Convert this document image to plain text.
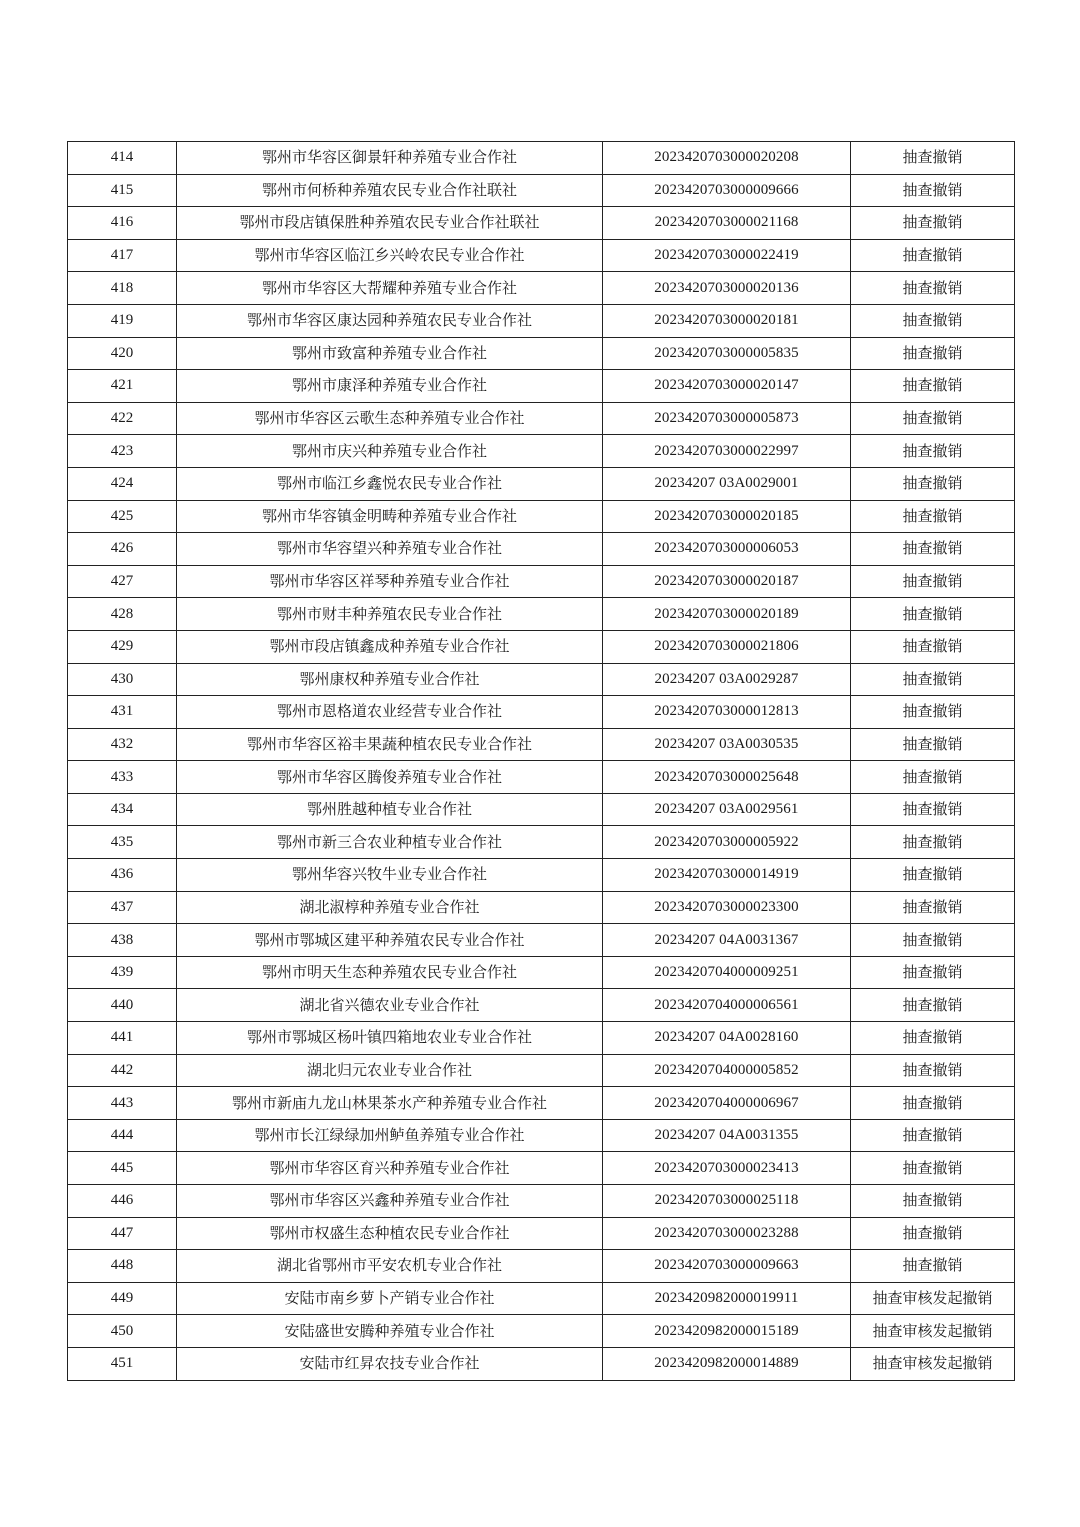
414	鄂州市华容区御景轩种养殖专业合作社	2023420703000020208	抽查撤销
415	鄂州市何桥种养殖农民专业合作社联社	2023420703000009666	抽查撤销
416	鄂州市段店镇保胜种养殖农民专业合作社联社	2023420703000021168	抽查撤销
417	鄂州市华容区临江乡兴岭农民专业合作社	2023420703000022419	抽查撤销
418	鄂州市华容区大帮耀种养殖专业合作社	2023420703000020136	抽查撤销
419	鄂州市华容区康达园种养殖农民专业合作社	2023420703000020181	抽查撤销
420	鄂州市致富种养殖专业合作社	2023420703000005835	抽查撤销
421	鄂州市康泽种养殖专业合作社	2023420703000020147	抽查撤销
422	鄂州市华容区云歌生态种养殖专业合作社	2023420703000005873	抽查撤销
423	鄂州市庆兴种养殖专业合作社	2023420703000022997	抽查撤销
424	鄂州市临江乡鑫悦农民专业合作社	20234207 03A0029001	抽查撤销
425	鄂州市华容镇金明畴种养殖专业合作社	2023420703000020185	抽查撤销
426	鄂州市华容望兴种养殖专业合作社	2023420703000006053	抽查撤销
427	鄂州市华容区祥琴种养殖专业合作社	2023420703000020187	抽查撤销
428	鄂州市财丰种养殖农民专业合作社	2023420703000020189	抽查撤销
429	鄂州市段店镇鑫成种养殖专业合作社	2023420703000021806	抽查撤销
430	鄂州康权种养殖专业合作社	20234207 03A0029287	抽查撤销
431	鄂州市恩格道农业经营专业合作社	2023420703000012813	抽查撤销
432	鄂州市华容区裕丰果蔬种植农民专业合作社	20234207 03A0030535	抽查撤销
433	鄂州市华容区腾俊养殖专业合作社	2023420703000025648	抽查撤销
434	鄂州胜越种植专业合作社	20234207 03A0029561	抽查撤销
435	鄂州市新三合农业种植专业合作社	2023420703000005922	抽查撤销
436	鄂州华容兴牧牛业专业合作社	2023420703000014919	抽查撤销
437	湖北淑椁种养殖专业合作社	2023420703000023300	抽查撤销
438	鄂州市鄂城区建平种养殖农民专业合作社	20234207 04A0031367	抽查撤销
439	鄂州市明天生态种养殖农民专业合作社	2023420704000009251	抽查撤销
440	湖北省兴德农业专业合作社	2023420704000006561	抽查撤销
441	鄂州市鄂城区杨叶镇四箱地农业专业合作社	20234207 04A0028160	抽查撤销
442	湖北归元农业专业合作社	2023420704000005852	抽查撤销
443	鄂州市新庙九龙山林果茶水产种养殖专业合作社	2023420704000006967	抽查撤销
444	鄂州市长江绿绿加州鲈鱼养殖专业合作社	20234207 04A0031355	抽查撤销
445	鄂州市华容区育兴种养殖专业合作社	2023420703000023413	抽查撤销
446	鄂州市华容区兴鑫种养殖专业合作社	2023420703000025118	抽查撤销
447	鄂州市权盛生态种植农民专业合作社	2023420703000023288	抽查撤销
448	湖北省鄂州市平安农机专业合作社	2023420703000009663	抽查撤销
449	安陆市南乡萝卜产销专业合作社	2023420982000019911	抽查审核发起撤销
450	安陆盛世安腾种养殖专业合作社	2023420982000015189	抽查审核发起撤销
451	安陆市红昇农技专业合作社	2023420982000014889	抽查审核发起撤销
